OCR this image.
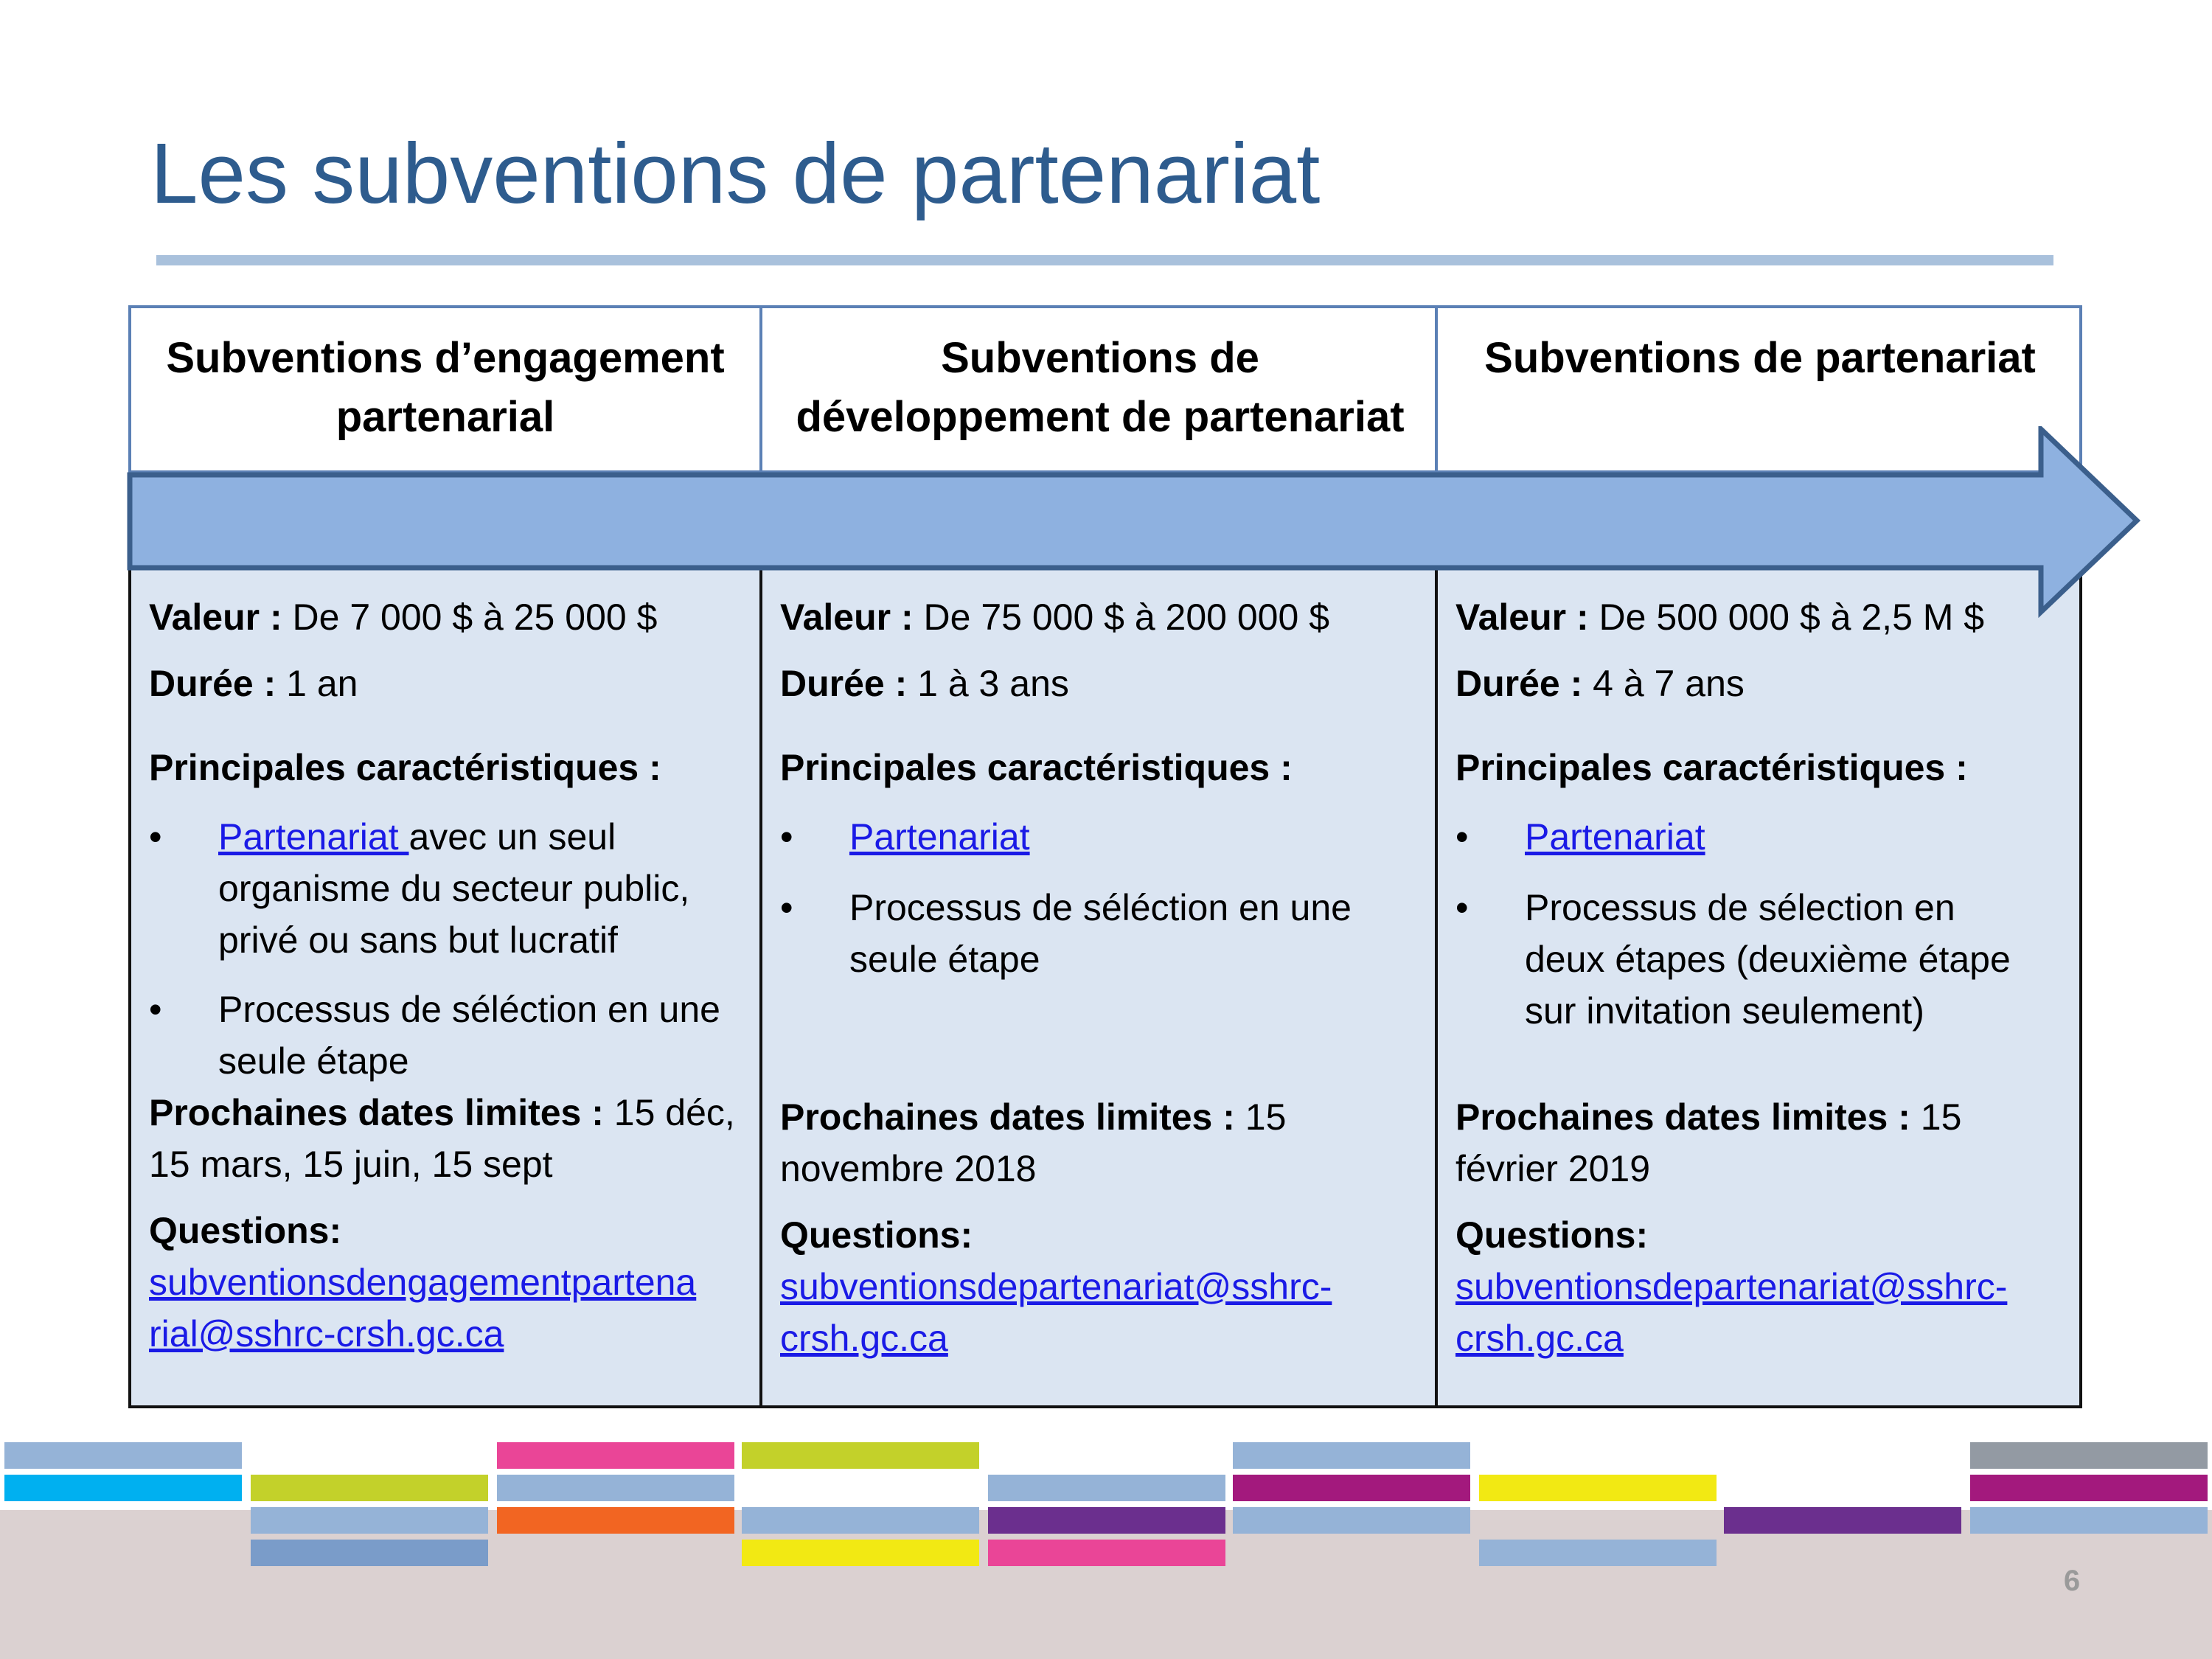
Les subventions de partenariat
Subventions d’engagement
partenarial
Subventions de
développement de partenariat
Subventions de partenariat
Valeur : De 7 000 $ à 25 000 $
Durée : 1 an
Principales caractéristiques :
• Partenariat avec un seul
organisme du secteur public,
privé ou sans but lucratif
• Processus de séléction en une
seule étape
Prochaines dates limites : 15 déc,
15 mars, 15 juin, 15 sept
Questions:
subventionsdengagementpartena
rial@sshrc-crsh.gc.ca
Valeur : De 75 000 $ à 200 000 $
Durée : 1 à 3 ans
Principales caractéristiques :
• Partenariat
• Processus de séléction en une
seule étape
Prochaines dates limites : 15
novembre 2018
Questions:
subventionsdepartenariat@sshrc-
crsh.gc.ca
Valeur : De 500 000 $ à 2,5 M $
Durée : 4 à 7 ans
Principales caractéristiques :
• Partenariat
• Processus de sélection en
deux étapes (deuxième étape
sur invitation seulement)
Prochaines dates limites : 15
février 2019
Questions:
subventionsdepartenariat@sshrc-
crsh.gc.ca
6
